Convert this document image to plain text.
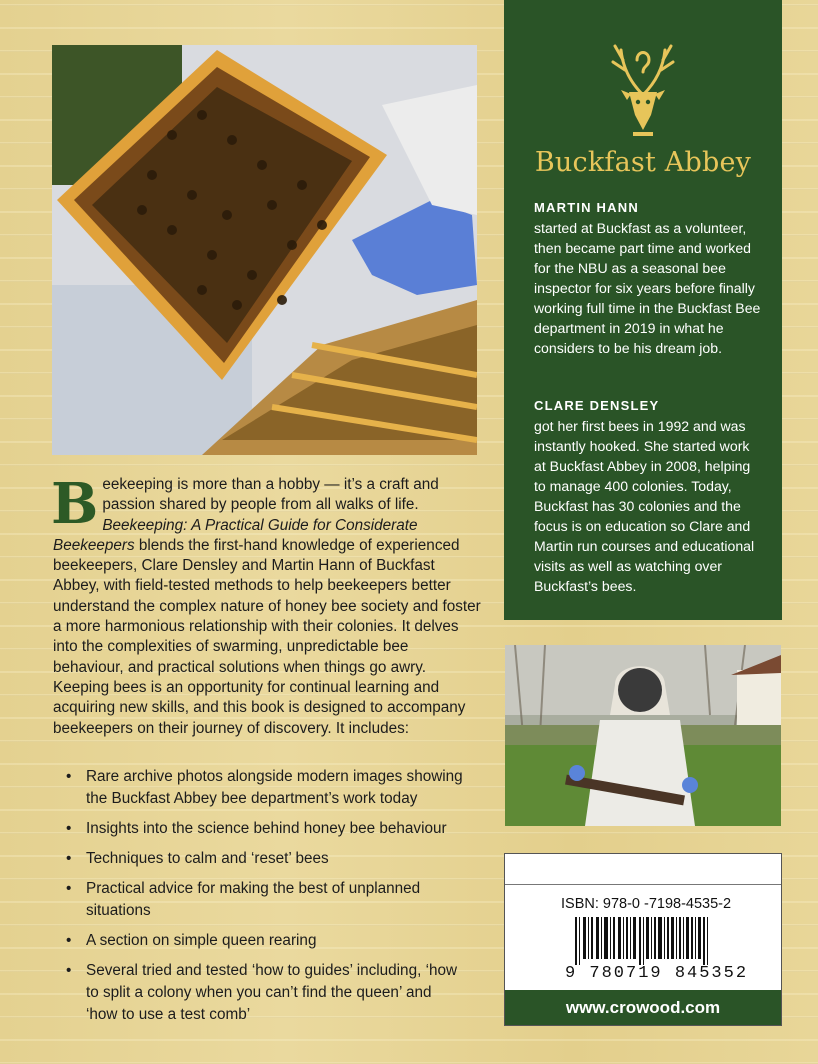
Buckfast Abbey
MARTIN HANN
started at Buckfast as a volunteer, then became part time and worked for the NBU as a seasonal bee inspector for six years before finally working full time in the Buckfast Bee department in 2019 in what he considers to be his dream job.
CLARE DENSLEY
got her first bees in 1992 and was instantly hooked. She started work at Buckfast Abbey in 2008, helping to manage 400 colonies. Today, Buckfast has 30 colonies and the focus is on education so Clare and Martin run courses and educational visits as well as watching over Buckfast’s bees.
Beekeeping is more than a hobby — it’s a craft and passion shared by people from all walks of life. Beekeeping: A Practical Guide for Considerate Beekeepers blends the first-hand knowledge of experienced beekeepers, Clare Densley and Martin Hann of Buckfast Abbey, with field-tested methods to help beekeepers better understand the complex nature of honey bee society and foster a more harmonious relationship with their colonies. It delves into the complexities of swarming, unpredictable bee behaviour, and practical solutions when things go awry. Keeping bees is an opportunity for continual learning and acquiring new skills, and this book is designed to accompany beekeepers on their journey of discovery. It includes:
• Rare archive photos alongside modern images showing the Buckfast Abbey bee department’s work today
• Insights into the science behind honey bee behaviour
• Techniques to calm and ‘reset’ bees
• Practical advice for making the best of unplanned situations
• A section on simple queen rearing
• Several tried and tested ‘how to guides’ including, ‘how to split a colony when you can’t find the queen’ and ‘how to use a test comb’
ISBN: 978-0 -7198-4535-2
9 780719 845352
www.crowood.com
